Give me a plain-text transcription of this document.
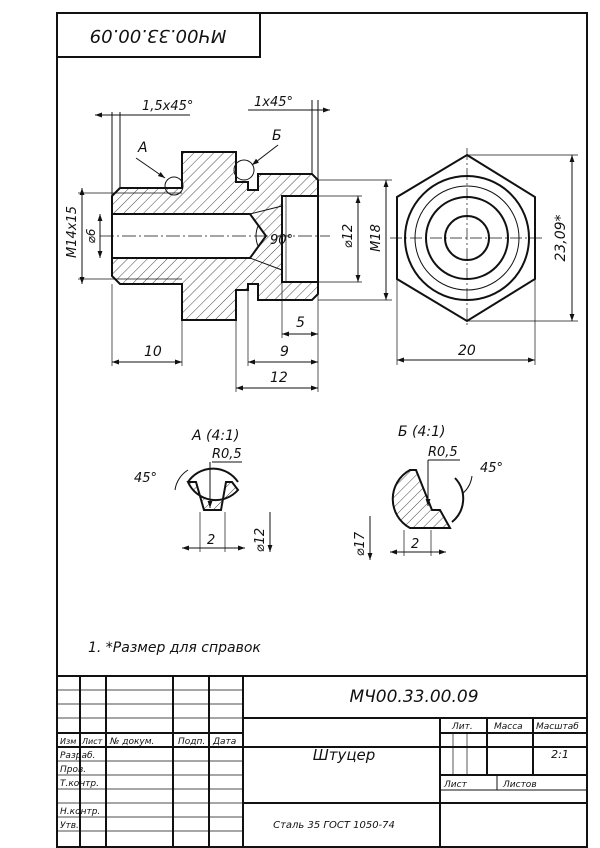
МЧ00.33.00.09
1,5х45°	1х45°
А
Б
М14х15 ⌀6	90°	⌀12 М18
5
10	9
12
23,09*
20
А (4:1)
45°
R0,5
2	⌀12
Б (4:1)
45°
R0,5
2
⌀17
1. *Размер для справок
МЧ00.33.00.09
Штуцер
Сталь 35 ГОСТ 1050-74
Изм Лист № докум.	Подп. Дата
Разраб.
Пров.
Т.контр.
Н.контр.
Утв.
Лит. Масса Масштаб
2:1
Лист	Листов
